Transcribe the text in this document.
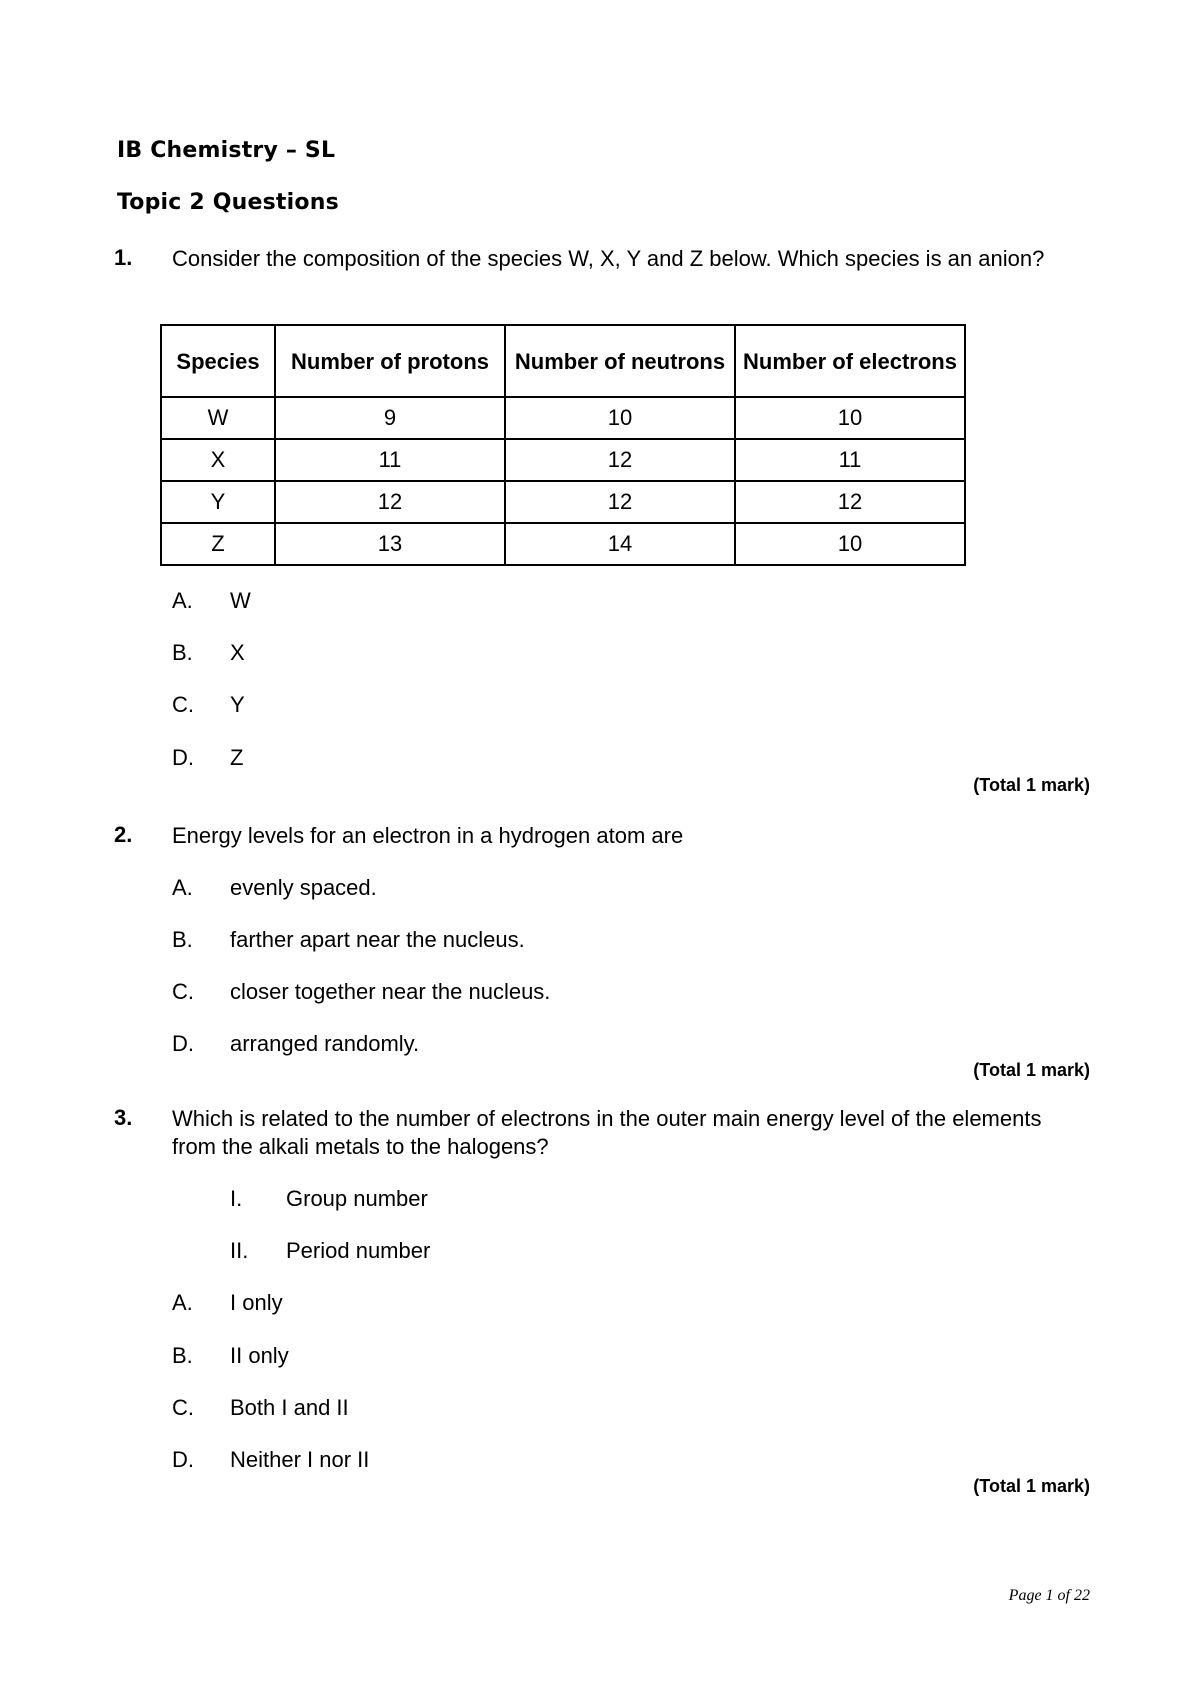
IB Chemistry – SL
Topic 2 Questions
1. Consider the composition of the species W, X, Y and Z below. Which species is an anion?
Species	Number of protons	Number of neutrons	Number of electrons
W	9	10	10
X	11	12	11
Y	12	12	12
Z	13	14	10
A. W
B. X
C. Y
D. Z
(Total 1 mark)
2. Energy levels for an electron in a hydrogen atom are
A. evenly spaced.
B. farther apart near the nucleus.
C. closer together near the nucleus.
D. arranged randomly.
(Total 1 mark)
3. Which is related to the number of electrons in the outer main energy level of the elements from the alkali metals to the halogens?
I. Group number
II. Period number
A. I only
B. II only
C. Both I and II
D. Neither I nor II
(Total 1 mark)
Page 1 of 22
